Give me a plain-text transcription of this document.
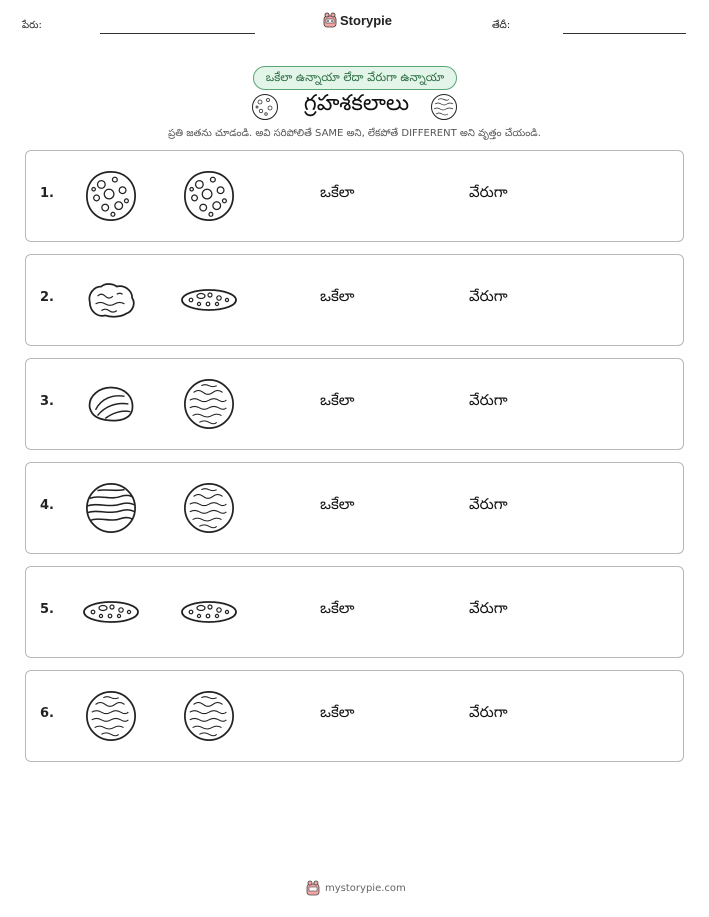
పేరు:	Storypie	తేదీ:
ఒకేలా ఉన్నాయా లేదా వేరుగా ఉన్నాయా
గ్రహశకలాలు
ప్రతి జతను చూడండి. అవి సరిపోలితే SAME అని, లేకపోతే DIFFERENT అని వృత్తం చేయండి.
1.	ఒకేలా	వేరుగా
2.	ఒకేలా	వేరుగా
3.	ఒకేలా	వేరుగా
4.	ఒకేలా	వేరుగా
5.	ఒకేలా	వేరుగా
6.	ఒకేలా	వేరుగా
mystorypie.com
